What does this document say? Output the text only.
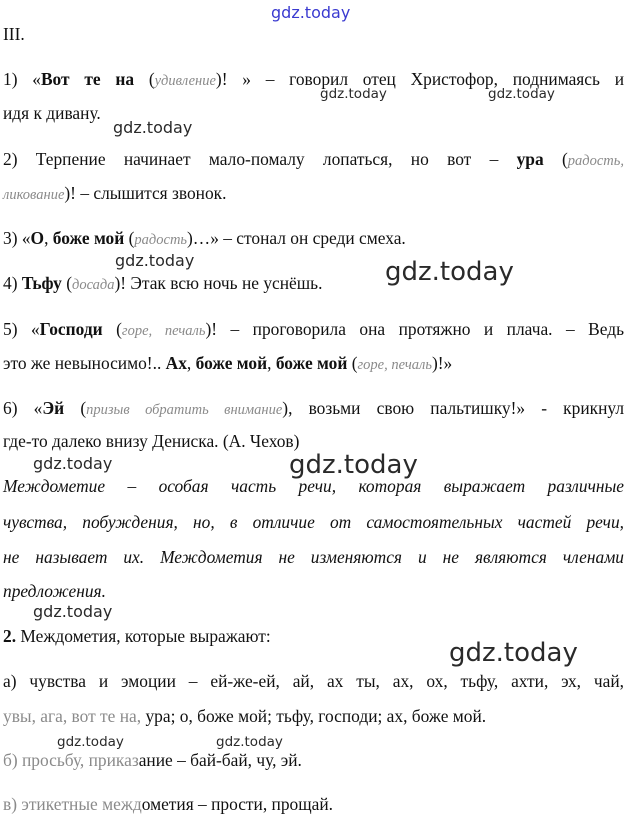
gdz.today
gdz.today	gdz.today
gdz.today
gdz.today	gdz.today
gdz.today	gdz.today
gdz.today
gdz.today
gdz.today	gdz.today
III.
1) «Вот те на (удивление)! » – говорил отец Христофор, поднимаясь и
идя к дивану.
2) Терпение начинает мало-помалу лопаться, но вот – ура (радость,
ликование)! – слышится звонок.
3) «О, боже мой (радость)…» – стонал он среди смеха.
4) Тьфу (досада)! Этак всю ночь не уснёшь.
5) «Господи (горе, печаль)! – проговорила она протяжно и плача. – Ведь
это же невыносимо!.. Ах, боже мой, боже мой (горе, печаль)!»
6) «Эй (призыв обратить внимание), возьми свою пальтишку!» - крикнул
где-то далеко внизу Дениска. (А. Чехов)
Междометие – особая часть речи, которая выражает различные
чувства, побуждения, но, в отличие от самостоятельных частей речи,
не называет их. Междометия не изменяются и не являются членами
предложения.
2. Междометия, которые выражают:
а) чувства и эмоции – ей-же-ей, ай, ах ты, ах, ох, тьфу, ахти, эх, чай,
увы, ага, вот те на, ура; о, боже мой; тьфу, господи; ах, боже мой.
б) просьбу, приказание – бай-бай, чу, эй.
в) этикетные междометия – прости, прощай.
